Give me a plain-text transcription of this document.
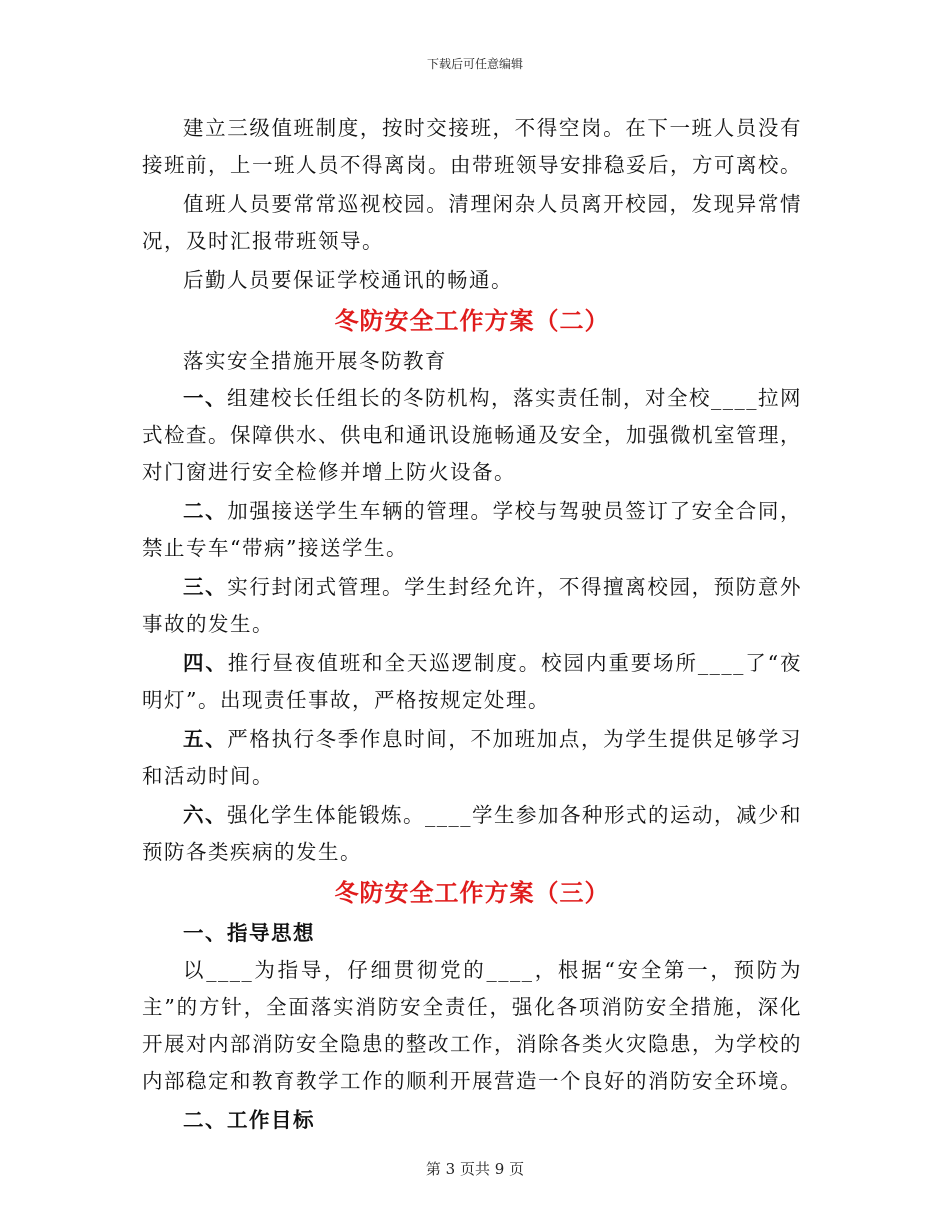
下载后可任意编辑

建立三级值班制度，按时交接班，不得空岗。在下一班人员没有接班前，上一班人员不得离岗。由带班领导安排稳妥后，方可离校。

值班人员要常常巡视校园。清理闲杂人员离开校园，发现异常情况，及时汇报带班领导。

后勤人员要保证学校通讯的畅通。

冬防安全工作方案（二）

落实安全措施开展冬防教育

一、组建校长任组长的冬防机构，落实责任制，对全校____拉网式检查。保障供水、供电和通讯设施畅通及安全，加强微机室管理，对门窗进行安全检修并增上防火设备。

二、加强接送学生车辆的管理。学校与驾驶员签订了安全合同，禁止专车“带病”接送学生。

三、实行封闭式管理。学生封经允许，不得擅离校园，预防意外事故的发生。

四、推行昼夜值班和全天巡逻制度。校园内重要场所____了“夜明灯”。出现责任事故，严格按规定处理。

五、严格执行冬季作息时间，不加班加点，为学生提供足够学习和活动时间。

六、强化学生体能锻炼。____学生参加各种形式的运动，减少和预防各类疾病的发生。

冬防安全工作方案（三）

一、指导思想

以____为指导，仔细贯彻党的____，根据“安全第一，预防为主”的方针，全面落实消防安全责任，强化各项消防安全措施，深化开展对内部消防安全隐患的整改工作，消除各类火灾隐患，为学校的内部稳定和教育教学工作的顺利开展营造一个良好的消防安全环境。

二、工作目标

第 3 页共 9 页
